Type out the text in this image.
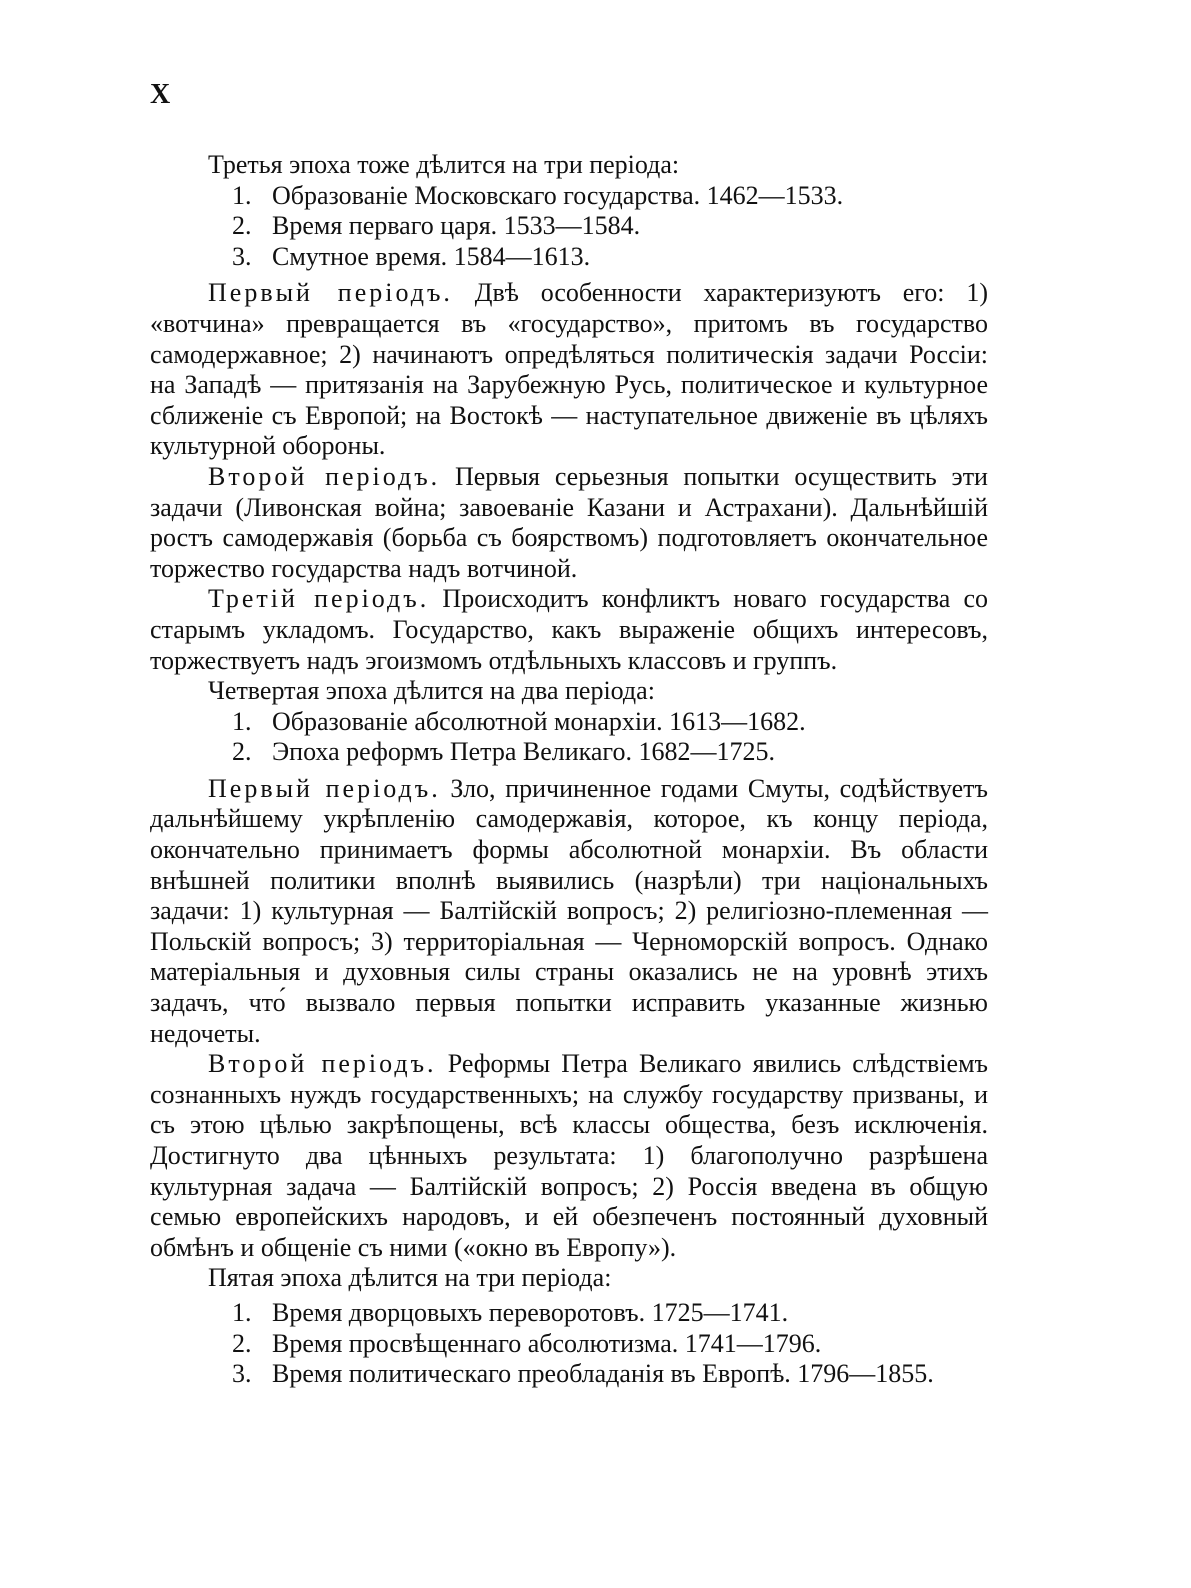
X

Третья эпоха тоже дѣлится на три періода:

1. Образованіе Московскаго государства. 1462—1533.
2. Время перваго царя. 1533—1584.
3. Смутное время. 1584—1613.

Первый періодъ. Двѣ особенности характеризуютъ его: 1) «вотчина» превращается въ «государство», притомъ въ государство самодержавное; 2) начинаютъ опредѣляться политическія задачи Россіи: на Западѣ — притязанія на Зарубежную Русь, политическое и культурное сближеніе съ Европой; на Востокѣ — наступательное движеніе въ цѣляхъ культурной обороны.

Второй періодъ. Первыя серьезныя попытки осуществить эти задачи (Ливонская война; завоеваніе Казани и Астрахани). Дальнѣйшій ростъ самодержавія (борьба съ боярствомъ) подготовляетъ окончательное торжество государства надъ вотчиной.

Третій періодъ. Происходитъ конфликтъ новаго государства со старымъ укладомъ. Государство, какъ выраженіе общихъ интересовъ, торжествуетъ надъ эгоизмомъ отдѣльныхъ классовъ и группъ.

Четвертая эпоха дѣлится на два періода:

1. Образованіе абсолютной монархіи. 1613—1682.
2. Эпоха реформъ Петра Великаго. 1682—1725.

Первый періодъ. Зло, причиненное годами Смуты, содѣйствуетъ дальнѣйшему укрѣпленію самодержавія, которое, къ концу періода, окончательно принимаетъ формы абсолютной монархіи. Въ области внѣшней политики вполнѣ выявились (назрѣли) три національныхъ задачи: 1) культурная — Балтійскій вопросъ; 2) религіозно-племенная — Польскій вопросъ; 3) территоріальная — Черноморскій вопросъ. Однако матеріальныя и духовныя силы страны оказались не на уровнѣ этихъ задачъ, что́ вызвало первыя попытки исправить указанные жизнью недочеты.

Второй періодъ. Реформы Петра Великаго явились слѣдствіемъ сознанныхъ нуждъ государственныхъ; на службу государству призваны, и съ этою цѣлью закрѣпощены, всѣ классы общества, безъ исключенія. Достигнуто два цѣнныхъ результата: 1) благополучно разрѣшена культурная задача — Балтійскій вопросъ; 2) Россія введена въ общую семью европейскихъ народовъ, и ей обезпеченъ постоянный духовный обмѣнъ и общеніе съ ними («окно въ Европу»).

Пятая эпоха дѣлится на три періода:

1. Время дворцовыхъ переворотовъ. 1725—1741.
2. Время просвѣщеннаго абсолютизма. 1741—1796.
3. Время политическаго преобладанія въ Европѣ. 1796—1855.
